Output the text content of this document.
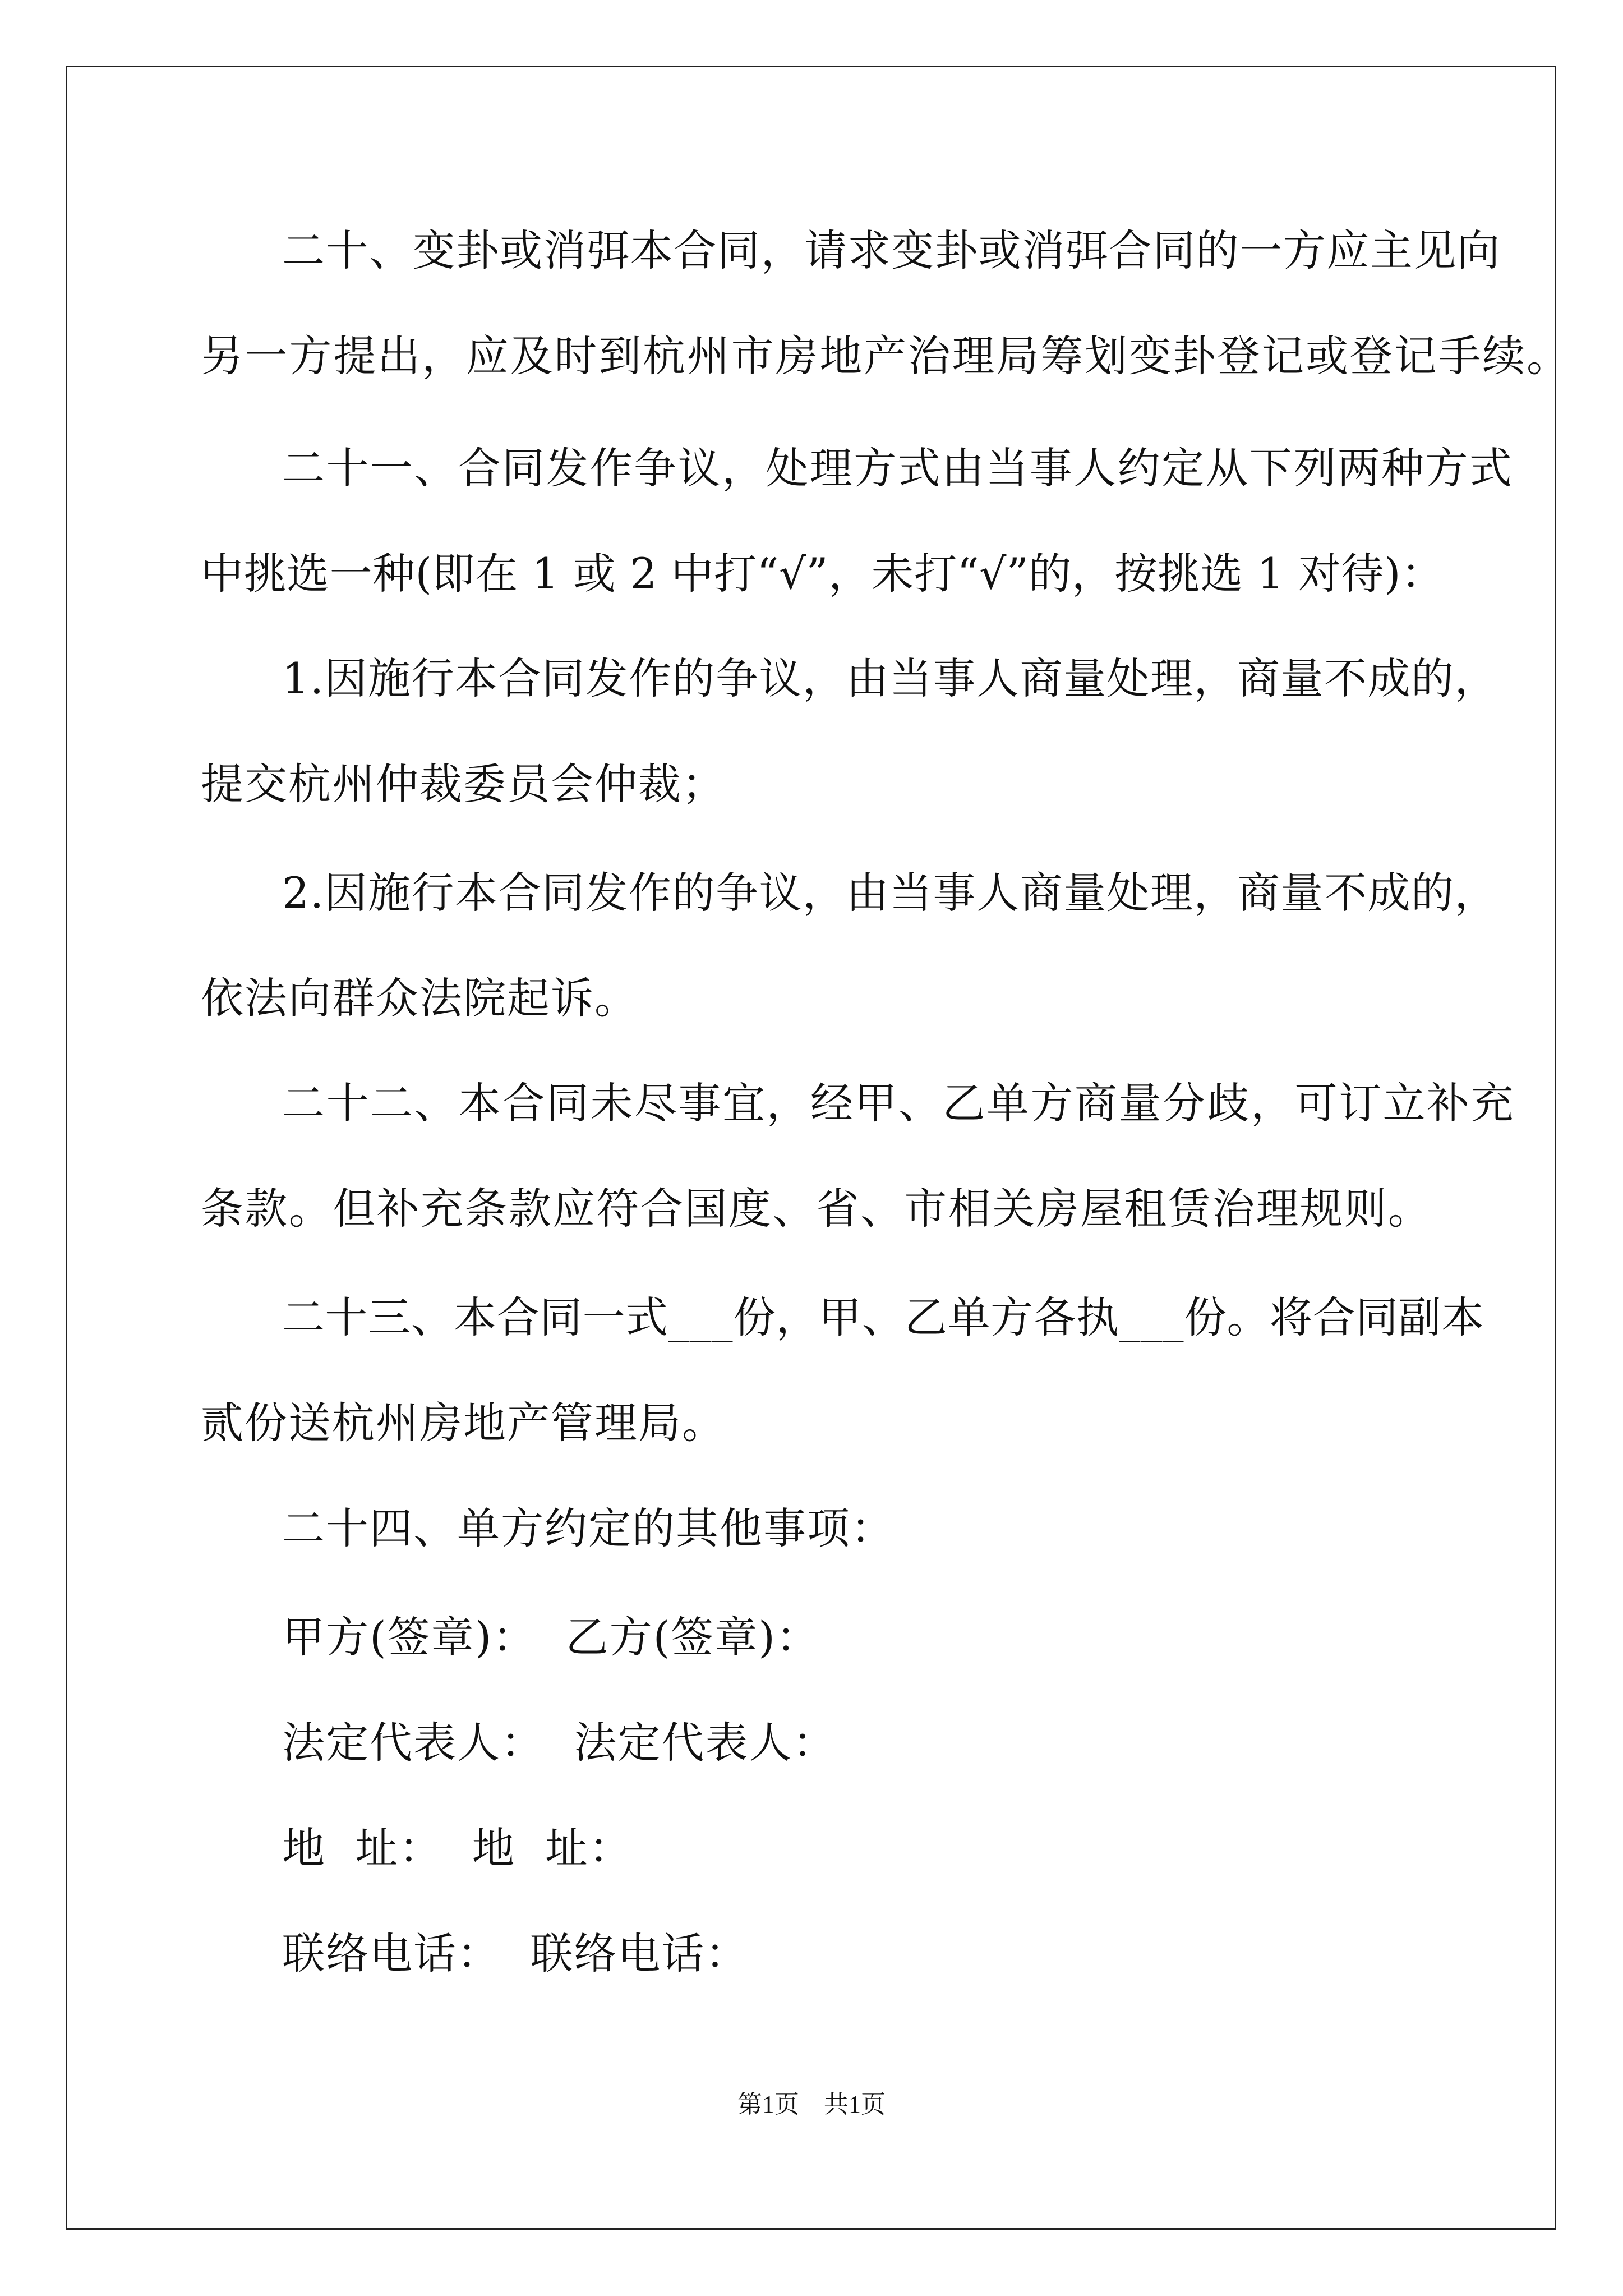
二十、变卦或消弭本合同，请求变卦或消弭合同的一方应主见向
另一方提出，应及时到杭州市房地产治理局筹划变卦登记或登记手续。
二十一、合同发作争议，处理方式由当事人约定从下列两种方式
中挑选一种(即在 1 或 2 中打“√”，未打“√”的，按挑选 1 对待)：
1.因施行本合同发作的争议，由当事人商量处理，商量不成的，
提交杭州仲裁委员会仲裁；
2.因施行本合同发作的争议，由当事人商量处理，商量不成的，
依法向群众法院起诉。
二十二、本合同未尽事宜，经甲、乙单方商量分歧，可订立补充
条款。但补充条款应符合国度、省、市相关房屋租赁治理规则。
二十三、本合同一式___份，甲、乙单方各执___份。将合同副本
贰份送杭州房地产管理局。
二十四、单方约定的其他事项：
甲方(签章)：  乙方(签章)：
法定代表人：  法定代表人：
地  址：  地  址：
联络电话：  联络电话：
第1页    共1页
